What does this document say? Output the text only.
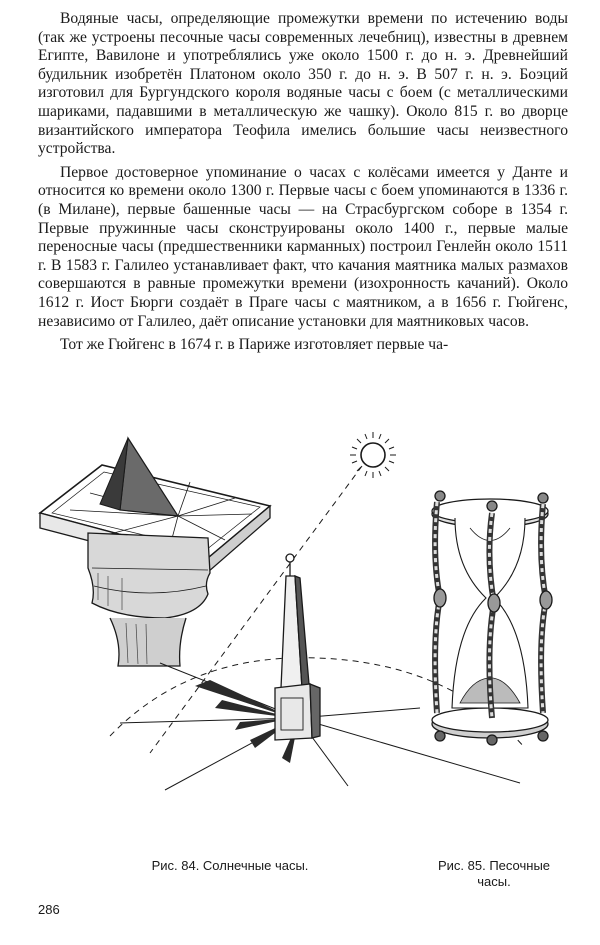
Водяные часы, определяющие промежутки времени по истечению воды (так же устроены песочные часы современных лечебниц), известны в древнем Египте, Вавилоне и употреблялись уже около 1500 г. до н. э. Древнейший будильник изобретён Платоном около 350 г. до н. э. В 507 г. н. э. Боэций изготовил для Бургундского короля водяные часы с боем (с металлическими шариками, падавшими в металлическую же чашку). Около 815 г. во дворце византийского императора Теофила имелись большие часы неизвестного устройства.

Первое достоверное упоминание о часах с колёсами имеется у Данте и относится ко времени около 1300 г. Первые часы с боем упоминаются в 1336 г. (в Милане), первые башенные часы — на Страсбургском соборе в 1354 г. Первые пружинные часы сконструированы около 1400 г., первые малые переносные часы (предшественники карманных) построил Генлейн около 1511 г. В 1583 г. Галилео устанавливает факт, что качания маятника малых размахов совершаются в равные промежутки времени (изохронность качаний). Около 1612 г. Иост Бюрги создаёт в Праге часы с маятником, а в 1656 г. Гюйгенс, независимо от Галилео, даёт описание установки для маятниковых часов.

Тот же Гюйгенс в 1674 г. в Париже изготовляет первые ча-

Рис. 84. Солнечные часы.	Рис. 85. Песочные часы.
286
